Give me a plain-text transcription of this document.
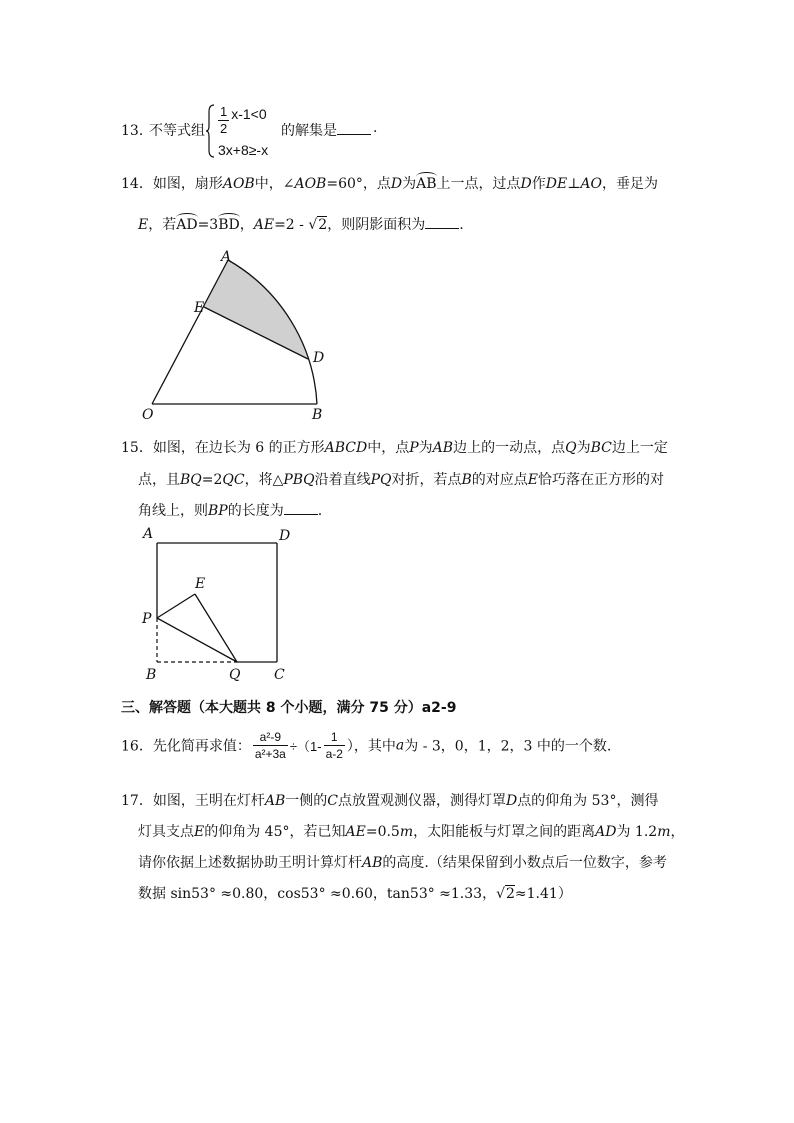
13．
不等式组 $\frac{1}{2} x-1<0$
3x+8≥-x
的解集是	.
14．如图，扇形AOB中，∠AOB=60°，点D为AB上一点，过点D作DE⊥AO，垂足为
E，若AD=3BD，AE=2 - √2，则阴影面积为 .
A
E
D
O	B
15．如图，在边长为 6 的正方形ABCD中，点P为AB边上的一动点，点Q为BC边上一定
点，且BQ=2QC，将△PBQ沿着直线PQ对折，若点B的对应点E恰巧落在正方形的对
角线上，则BP的长度为 .
A	D
E
P
B	Q C
三、解答题（本大题共 8 个小题，满分 75 分）a2-9
16．先化简再求值： $\frac{\text{a²-9}}{\text{a²+3a}} \div(1- \frac{1}{a-2}$ ），其中a为 - 3，0，1，2，3 中的一个数.
17．如图，王明在灯杆AB一侧的C点放置观测仪器，测得灯罩D点的仰角为 53°，测得
灯具支点E的仰角为 45°，若已知AE=0.5m，太阳能板与灯罩之间的距离AD为 1.2m，
请你依据上述数据协助王明计算灯杆AB的高度.（结果保留到小数点后一位数字，参考
数据 sin53° ≈0.80，cos53° ≈0.60，tan53° ≈1.33，√2≈1.41）
